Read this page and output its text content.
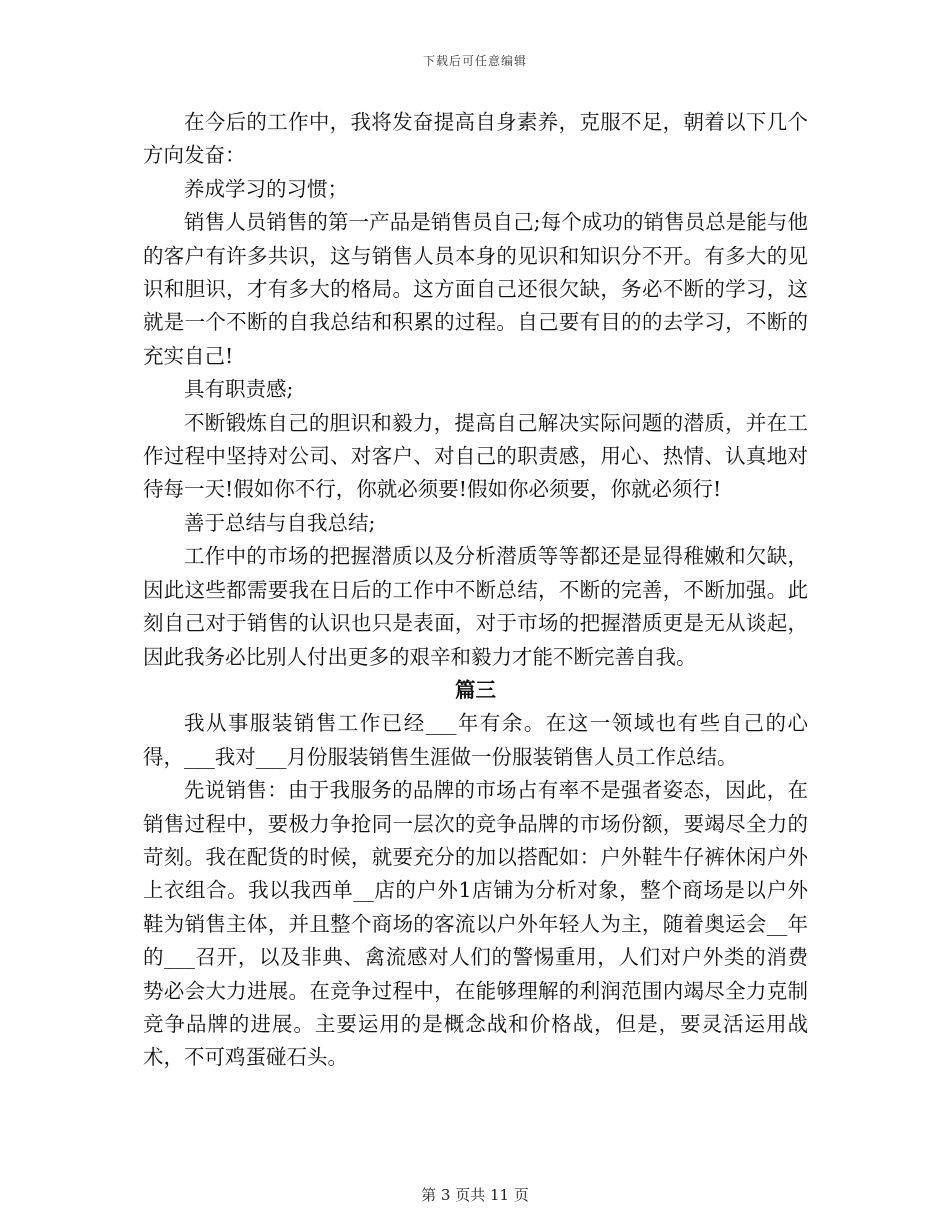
下载后可任意编辑

在今后的工作中，我将发奋提高自身素养，克服不足，朝着以下几个方向发奋：

养成学习的习惯；

销售人员销售的第一产品是销售员自己;每个成功的销售员总是能与他的客户有许多共识，这与销售人员本身的见识和知识分不开。有多大的见识和胆识，才有多大的格局。这方面自己还很欠缺，务必不断的学习，这就是一个不断的自我总结和积累的过程。自己要有目的的去学习，不断的充实自己!

具有职责感;

不断锻炼自己的胆识和毅力，提高自己解决实际问题的潜质，并在工作过程中坚持对公司、对客户、对自己的职责感，用心、热情、认真地对待每一天!假如你不行，你就必须要!假如你必须要，你就必须行!

善于总结与自我总结;

工作中的市场的把握潜质以及分析潜质等等都还是显得稚嫩和欠缺，因此这些都需要我在日后的工作中不断总结，不断的完善，不断加强。此刻自己对于销售的认识也只是表面，对于市场的把握潜质更是无从谈起，因此我务必比别人付出更多的艰辛和毅力才能不断完善自我。

篇三

我从事服装销售工作已经___年有余。在这一领域也有些自己的心得，___我对___月份服装销售生涯做一份服装销售人员工作总结。

先说销售：由于我服务的品牌的市场占有率不是强者姿态，因此，在销售过程中，要极力争抢同一层次的竞争品牌的市场份额，要竭尽全力的苛刻。我在配货的时候，就要充分的加以搭配如：户外鞋牛仔裤休闲户外上衣组合。我以我西单__店的户外1店铺为分析对象，整个商场是以户外鞋为销售主体，并且整个商场的客流以户外年轻人为主，随着奥运会__年的___召开，以及非典、禽流感对人们的警惕重用，人们对户外类的消费势必会大力进展。在竞争过程中，在能够理解的利润范围内竭尽全力克制竞争品牌的进展。主要运用的是概念战和价格战，但是，要灵活运用战术，不可鸡蛋碰石头。

第 3 页共 11 页
